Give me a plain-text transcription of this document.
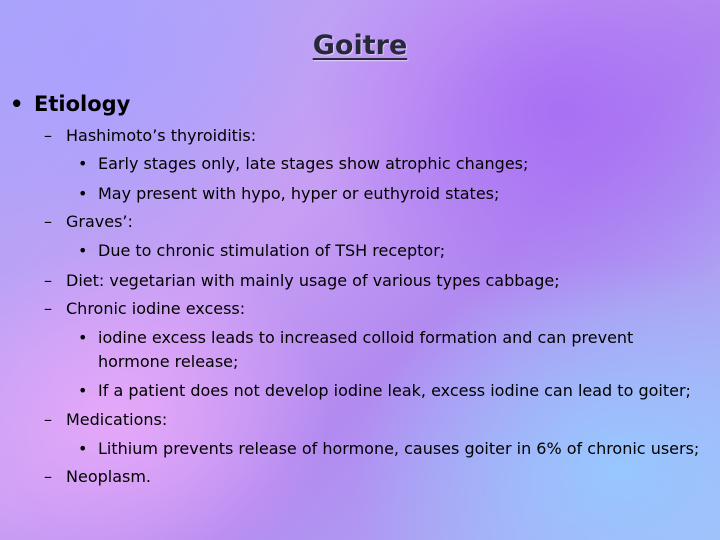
Goitre
• Etiology
– Hashimoto’s thyroiditis:
• Early stages only, late stages show atrophic changes;
• May present with hypo, hyper or euthyroid states;
– Graves’:
• Due to chronic stimulation of TSH receptor;
– Diet: vegetarian with mainly usage of various types cabbage;
– Chronic iodine excess:
• iodine excess leads to increased colloid formation and can prevent
hormone release;
• If a patient does not develop iodine leak, excess iodine can lead to goiter;
– Medications:
• Lithium prevents release of hormone, causes goiter in 6% of chronic users;
– Neoplasm.
